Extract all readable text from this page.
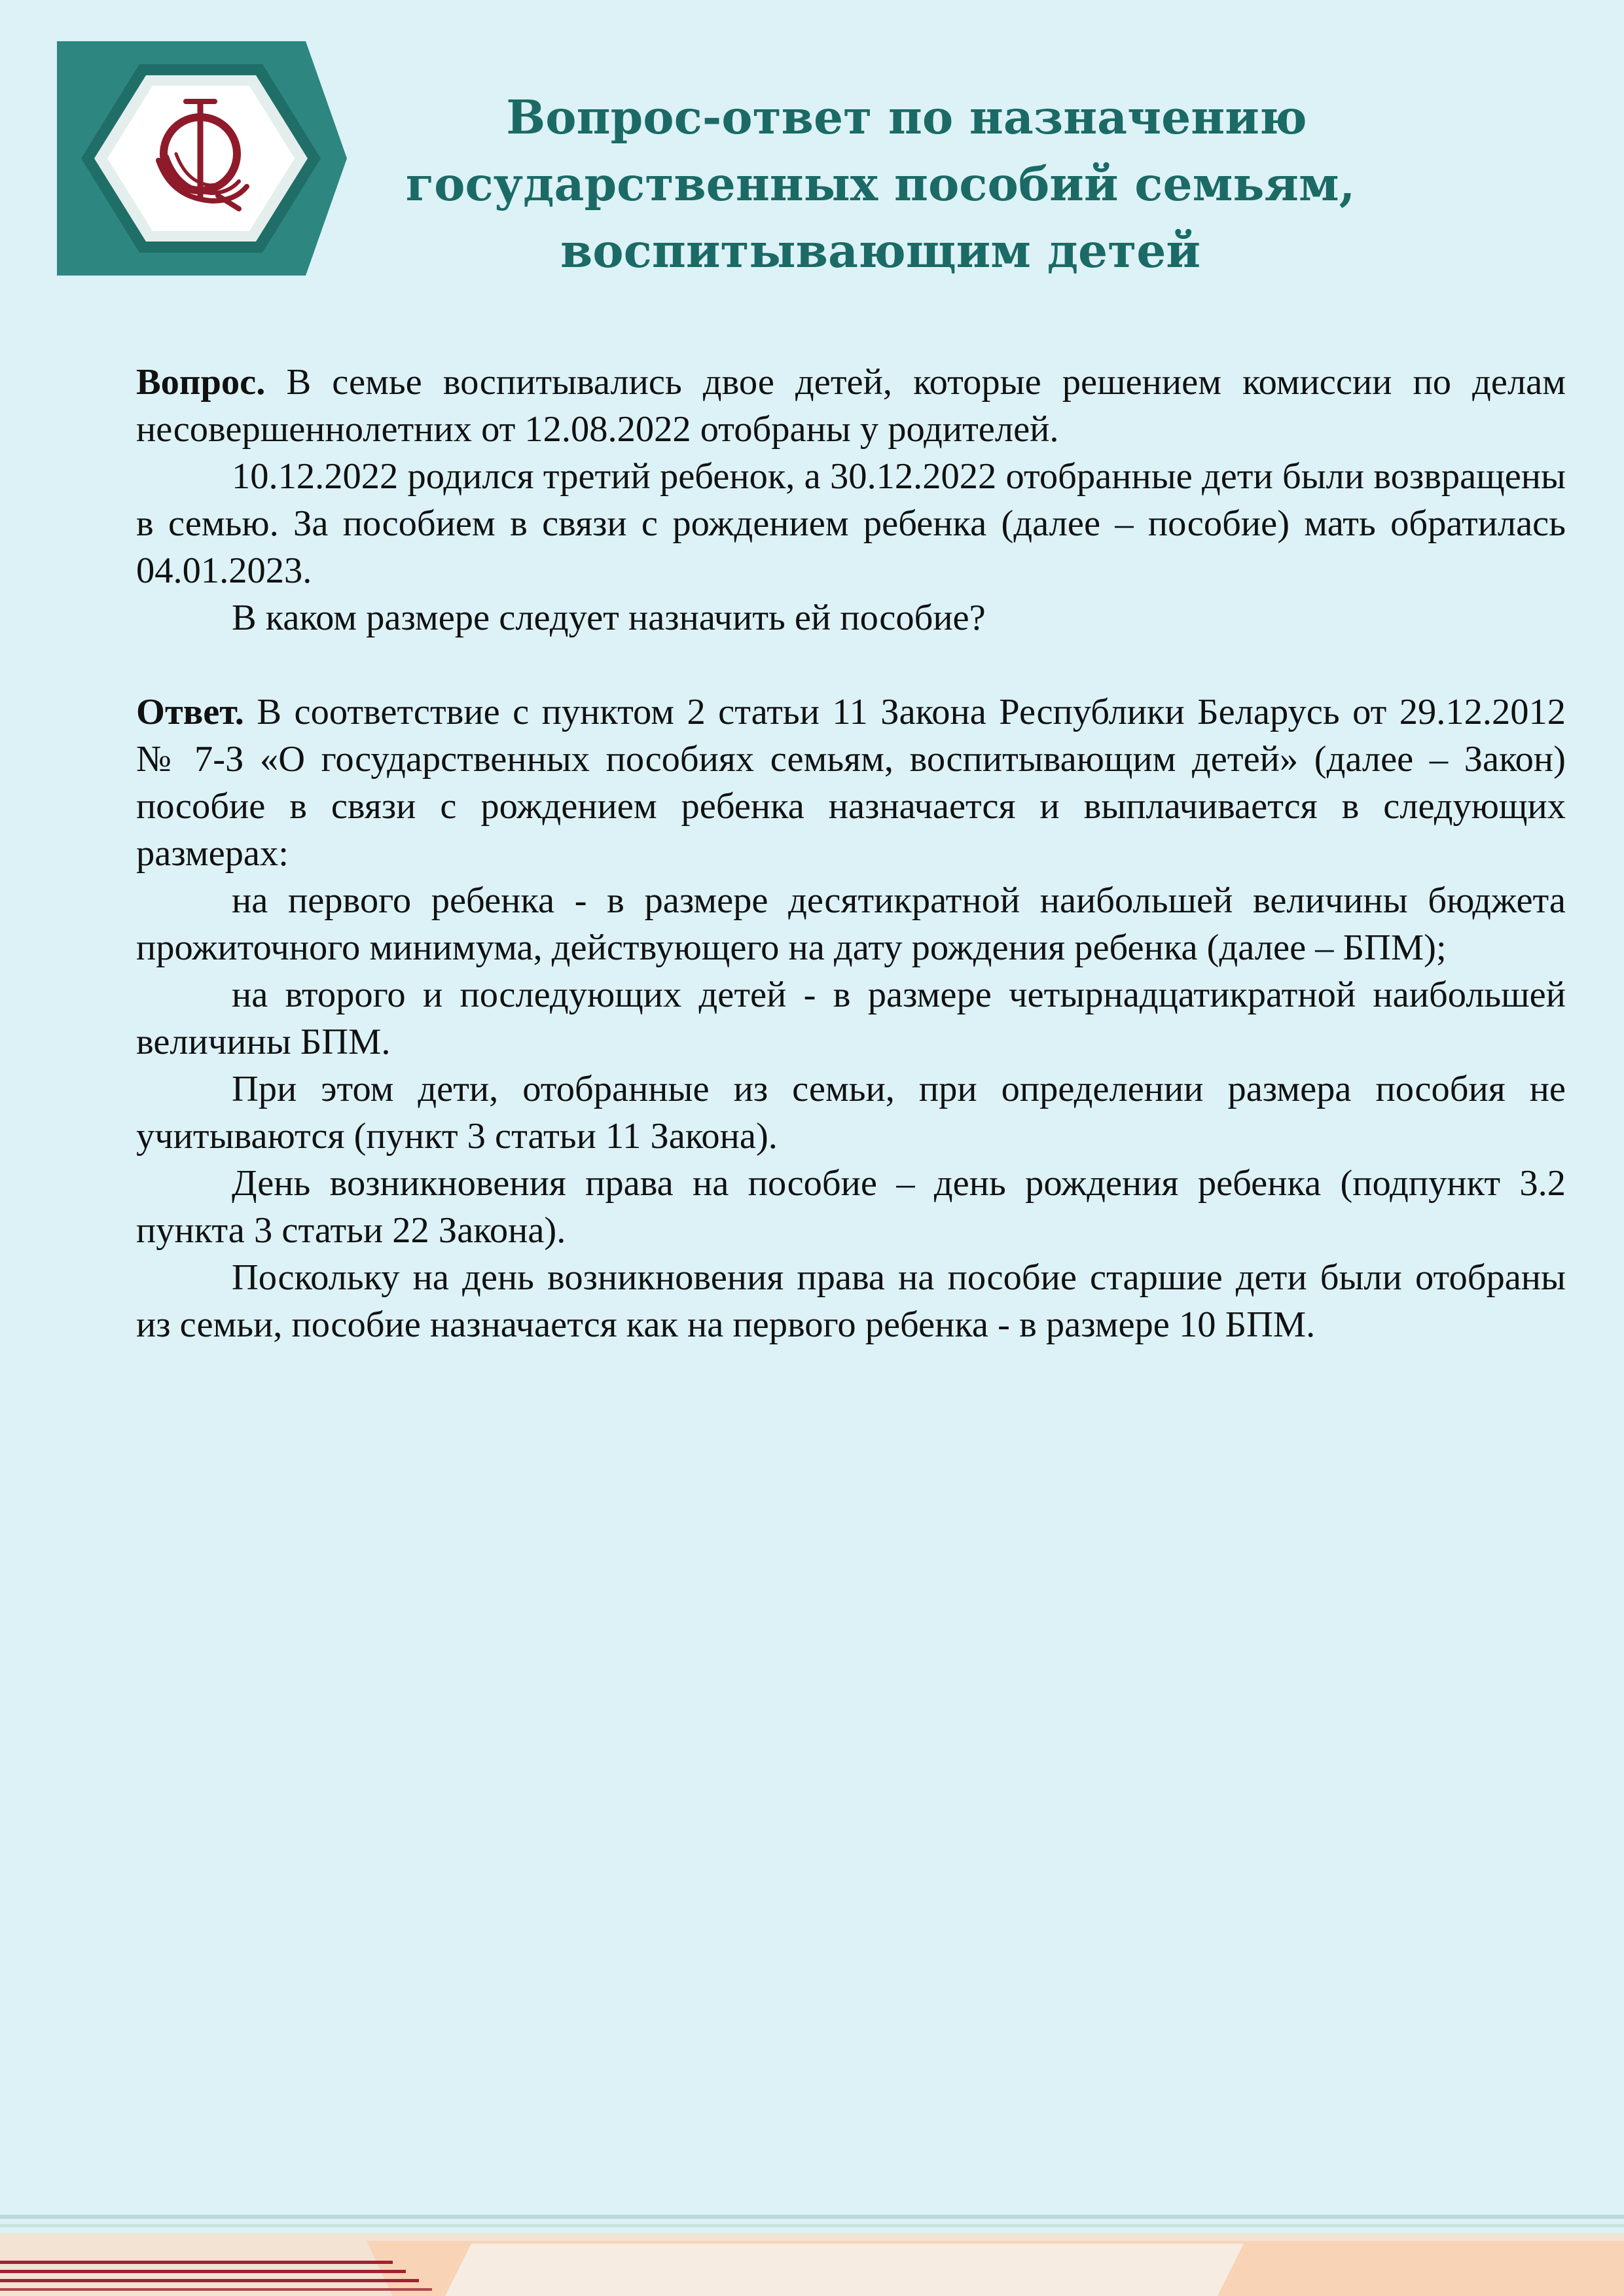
Вопрос-ответ по назначению
государственных пособий семьям,
воспитывающим детей

Вопрос. В семье воспитывались двое детей, которые решением комиссии по делам несовершеннолетних от 12.08.2022 отобраны у родителей.

10.12.2022 родился третий ребенок, а 30.12.2022 отобранные дети были возвращены в семью. За пособием в связи с рождением ребенка (далее – пособие) мать обратилась 04.01.2023.

В каком размере следует назначить ей пособие?

Ответ. В соответствие с пунктом 2 статьи 11 Закона Республики Беларусь от 29.12.2012 № 7-З «О государственных пособиях семьям, воспитывающим детей» (далее – Закон) пособие в связи с рождением ребенка назначается и выплачивается в следующих размерах:

на первого ребенка - в размере десятикратной наибольшей величины бюджета прожиточного минимума, действующего на дату рождения ребенка (далее – БПМ);

на второго и последующих детей - в размере четырнадцатикратной наибольшей величины БПМ.

При этом дети, отобранные из семьи, при определении размера пособия не учитываются (пункт 3 статьи 11 Закона).

День возникновения права на пособие – день рождения ребенка (подпункт 3.2 пункта 3 статьи 22 Закона).

Поскольку на день возникновения права на пособие старшие дети были отобраны из семьи, пособие назначается как на первого ребенка - в размере 10 БПМ.
